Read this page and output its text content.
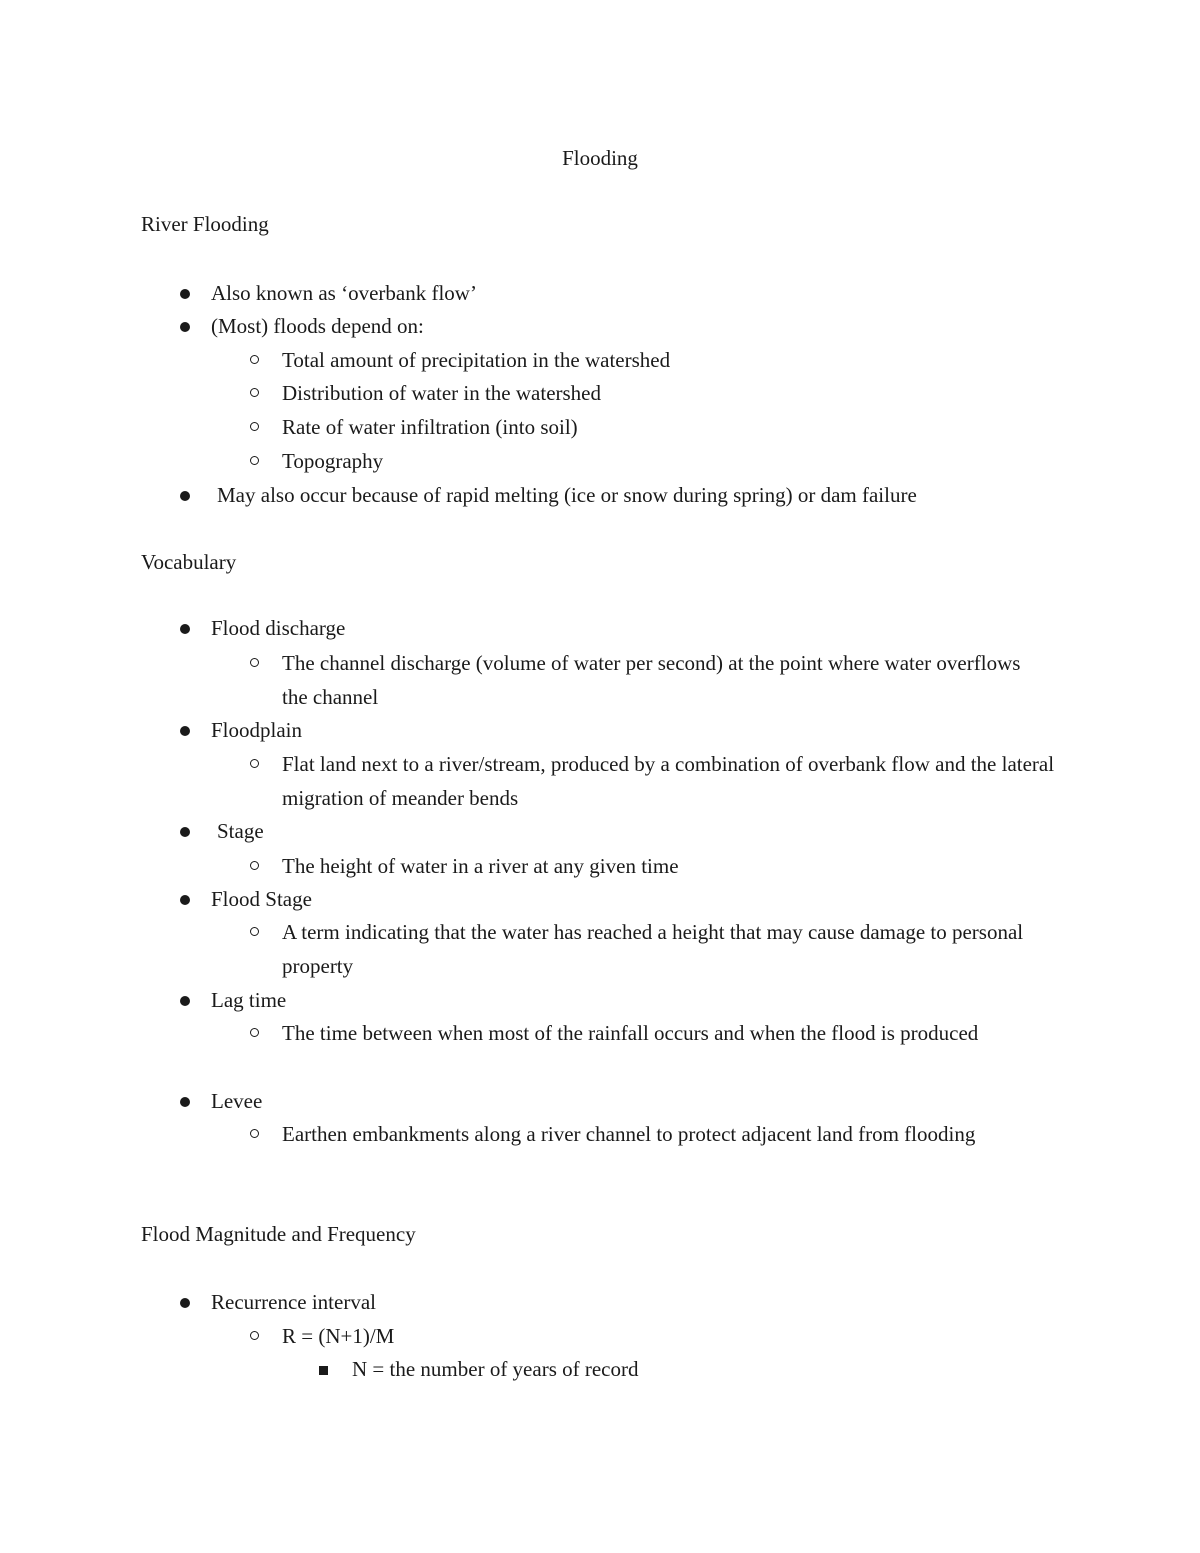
Flooding
River Flooding
Also known as ‘overbank flow’
(Most) floods depend on:
Total amount of precipitation in the watershed
Distribution of water in the watershed
Rate of water infiltration (into soil)
Topography
May also occur because of rapid melting (ice or snow during spring) or dam failure
Vocabulary
Flood discharge
The channel discharge (volume of water per second) at the point where water overflows the channel
Floodplain
Flat land next to a river/stream, produced by a combination of overbank flow and the lateral migration of meander bends
Stage
The height of water in a river at any given time
Flood Stage
A term indicating that the water has reached a height that may cause damage to personal property
Lag time
The time between when most of the rainfall occurs and when the flood is produced
Levee
Earthen embankments along a river channel to protect adjacent land from flooding
Flood Magnitude and Frequency
Recurrence interval
R = (N+1)/M
N = the number of years of record
